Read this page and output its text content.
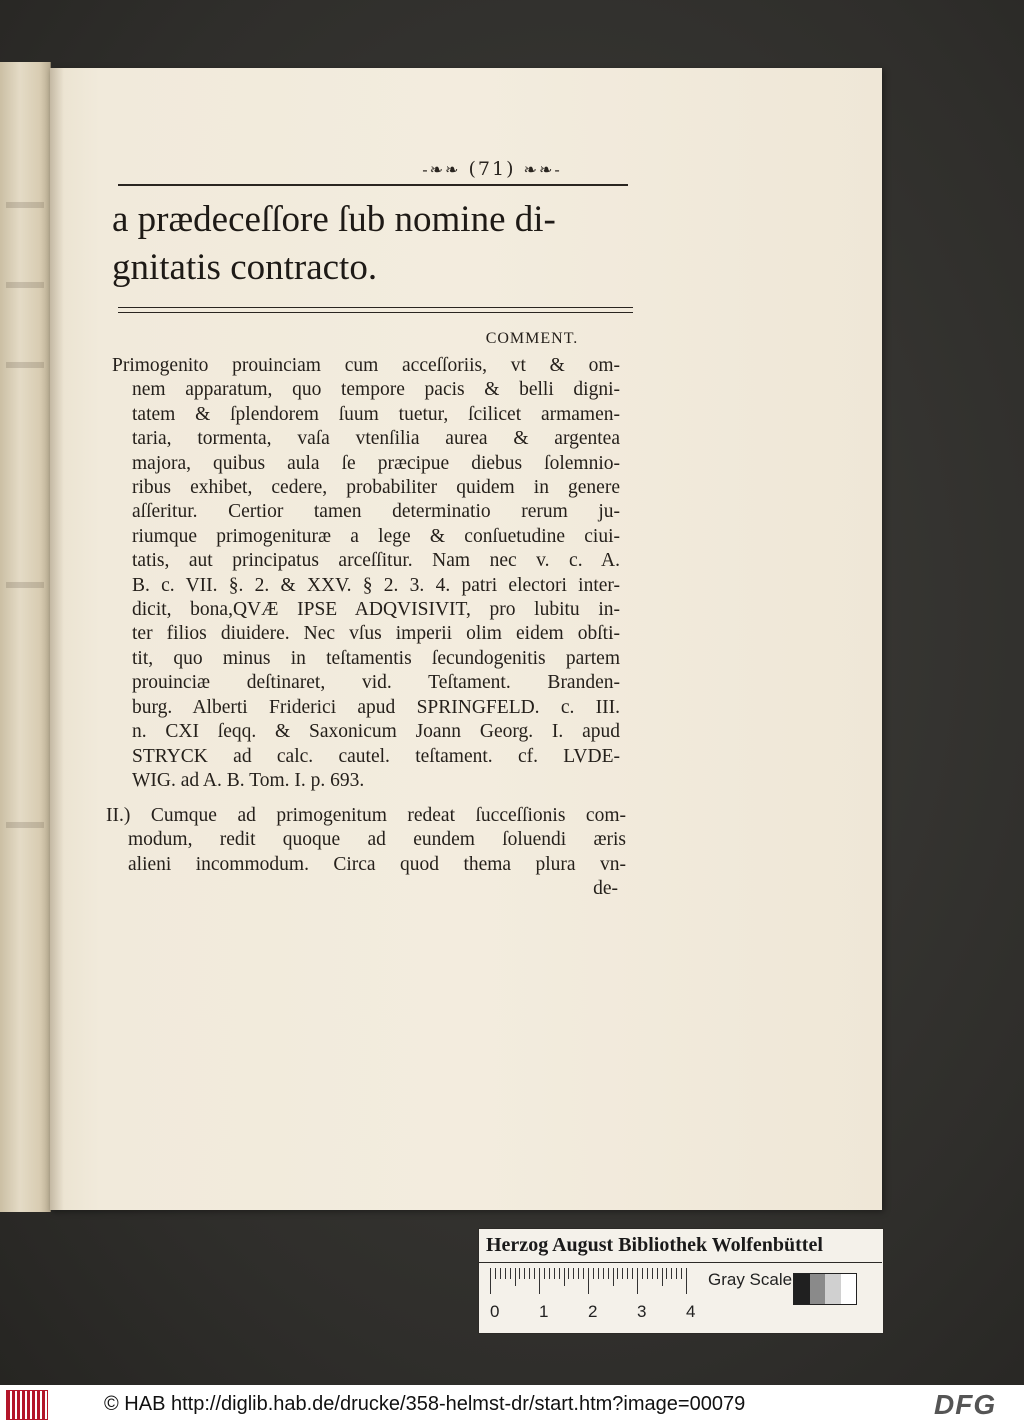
-❧❧ (71) ❧❧-
a prædeceſſore ſub nomine di-
gnitatis contracto.
COMMENT.
Primogenito prouinciam cum acceſſoriis, vt & om-
nem apparatum, quo tempore pacis & belli digni-
tatem & ſplendorem ſuum tuetur, ſcilicet armamen-
taria, tormenta, vaſa vtenſilia aurea & argentea
majora, quibus aula ſe præcipue diebus ſolemnio-
ribus exhibet, cedere, probabiliter quidem in genere
aſſeritur. Certior tamen determinatio rerum ju-
riumque primogenituræ a lege & conſuetudine ciui-
tatis, aut principatus arceſſitur. Nam nec v. c. A.
B. c. VII. §. 2. & XXV. § 2. 3. 4. patri electori inter-
dicit, bona,QVÆ IPSE ADQVISIVIT, pro lubitu in-
ter filios diuidere. Nec vſus imperii olim eidem obſti-
tit, quo minus in teſtamentis ſecundogenitis partem
prouinciæ deſtinaret, vid. Teſtament. Branden-
burg. Alberti Friderici apud SPRINGFELD. c. III.
n. CXI ſeqq. & Saxonicum Joann Georg. I. apud
STRYCK ad calc. cautel. teſtament. cf. LVDE-
WIG. ad A. B. Tom. I. p. 693.
II.) Cumque ad primogenitum redeat ſucceſſionis com-
modum, redit quoque ad eundem ſoluendi æris
alieni incommodum. Circa quod thema plura vn-
de-
Herzog August Bibliothek Wolfenbüttel
0 1 2 3 4
Gray Scale
© HAB http://diglib.hab.de/drucke/358-helmst-dr/start.htm?image=00079	DFG
